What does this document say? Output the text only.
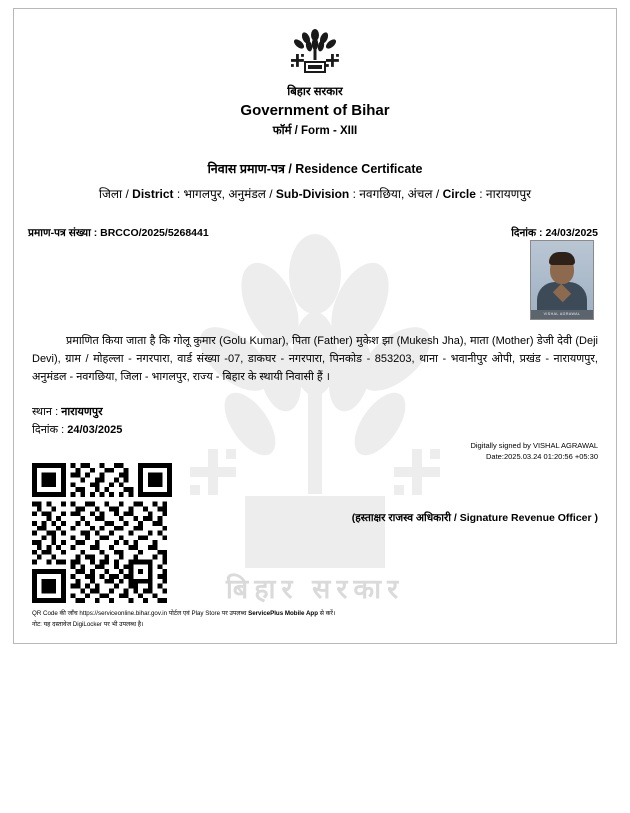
बिहार सरकार
बिहार सरकार
Government of Bihar
फॉर्म / Form - XIII
निवास प्रमाण-पत्र / Residence Certificate
जिला / District : भागलपुर, अनुमंडल / Sub-Division : नवगछिया, अंचल / Circle : नारायणपुर
प्रमाण-पत्र संख्या : BRCCO/2025/5268441	दिनांक : 24/03/2025
प्रमाणित किया जाता है कि गोलू कुमार (Golu Kumar), पिता (Father) मुकेश झा (Mukesh Jha), माता (Mother) डेजी देवी (Deji Devi), ग्राम / मोहल्ला - नगरपारा, वार्ड संख्या -07, डाकघर - नगरपारा, पिनकोड - 853203, थाना - भवानीपुर ओपी, प्रखंड - नारायणपुर, अनुमंडल - नवगछिया, जिला - भागलपुर, राज्य - बिहार के स्थायी निवासी हैं ।
स्थान : नारायणपुर
दिनांक : 24/03/2025
VISHAL AGRAWAL
Digitally signed by VISHAL AGRAWAL
Date:2025.03.24 01:20:56 +05:30
(हस्ताक्षर राजस्व अधिकारी / Signature Revenue Officer )
QR Code की जाँच https://serviceonline.bihar.gov.in पोर्टल एवं Play Store पर उपलब्ध ServicePlus Mobile App से करें।
नोट: यह दस्तावेज DigiLocker पर भी उपलब्ध है।
